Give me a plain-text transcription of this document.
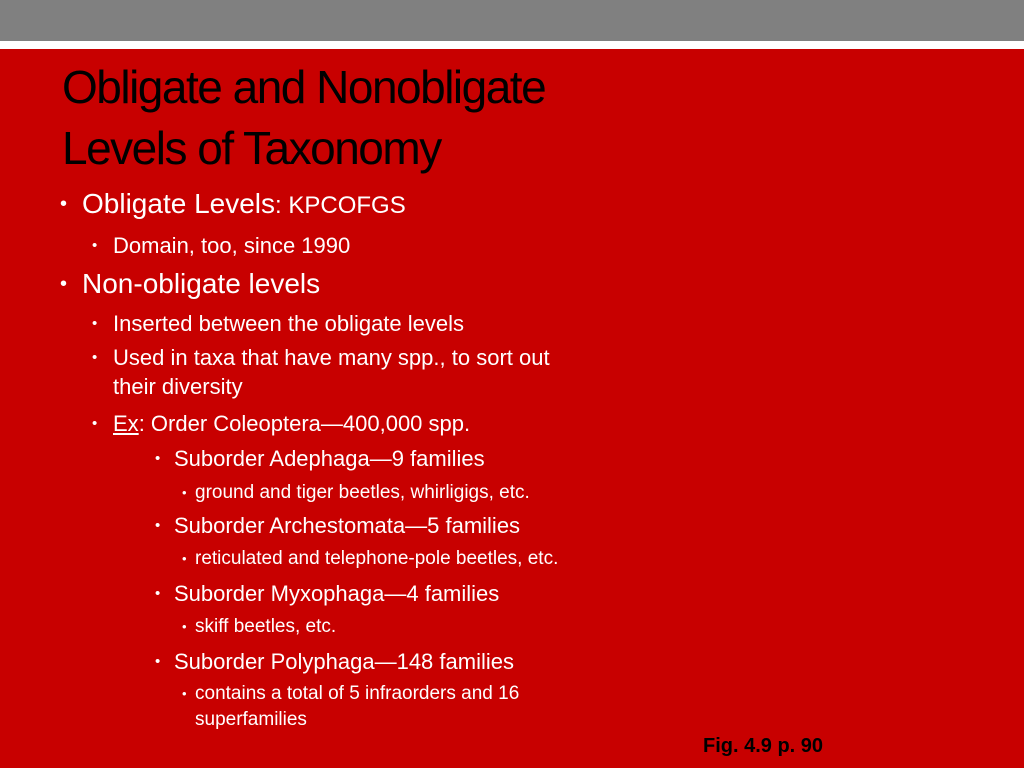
Obligate and Nonobligate
Levels of Taxonomy
• Obligate Levels: KPCOFGS
• Domain, too, since 1990
• Non-obligate levels
• Inserted between the obligate levels
• Used in taxa that have many spp., to sort out
their diversity
• Ex: Order Coleoptera—400,000 spp.
• Suborder Adephaga—9 families
• ground and tiger beetles, whirligigs, etc.
• Suborder Archestomata—5 families
• reticulated and telephone-pole beetles, etc.
• Suborder Myxophaga—4 families
• skiff beetles, etc.
• Suborder Polyphaga—148 families
• contains a total of 5 infraorders and 16
superfamilies
Fig. 4.9 p. 90
